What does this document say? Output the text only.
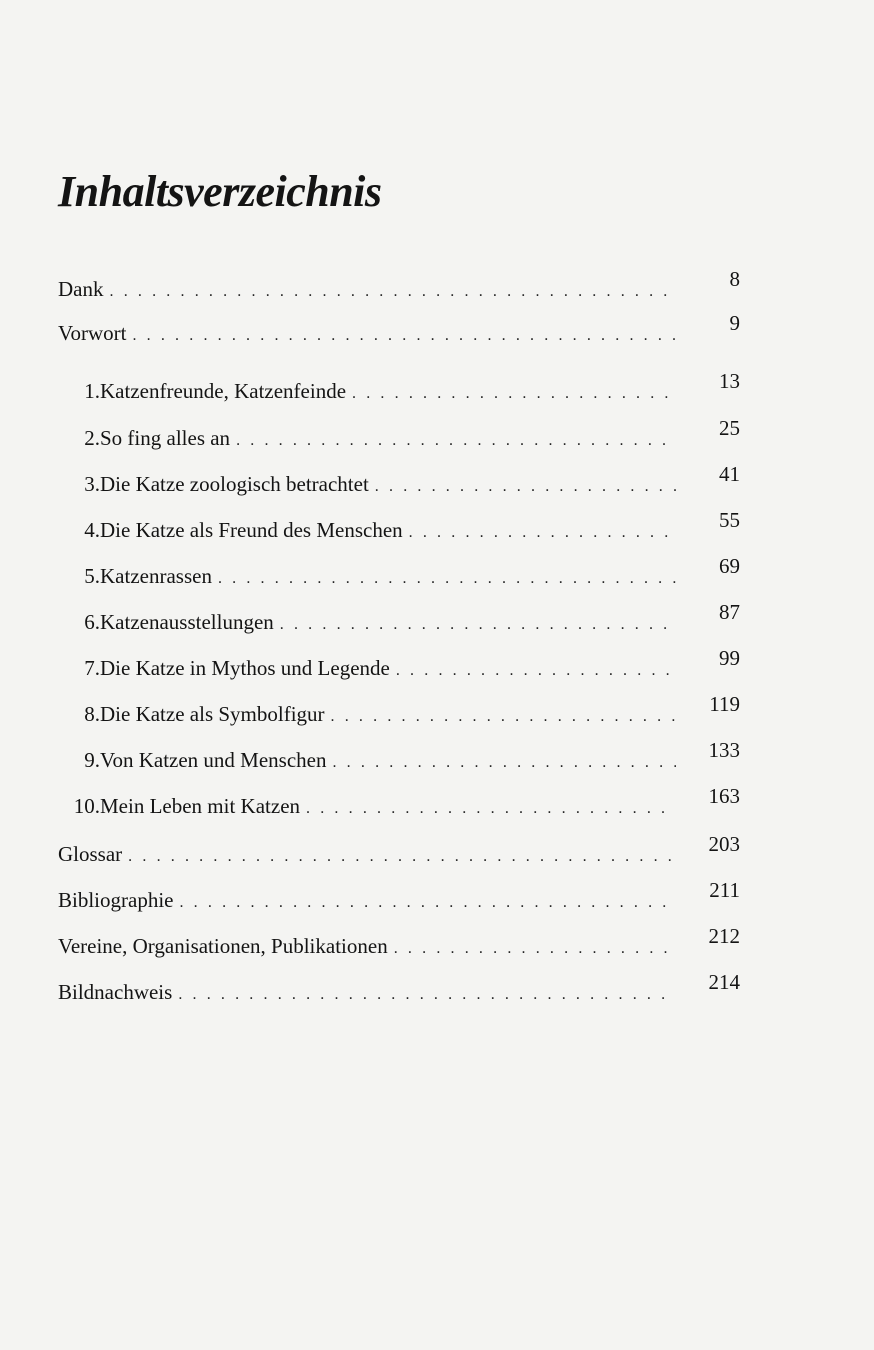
Inhaltsverzeichnis
Dank . . .	8
Vorwort . . .	9
1. Katzenfreunde, Katzenfeinde . . .	13
2. So fing alles an . . .	25
3. Die Katze zoologisch betrachtet . . .	41
4. Die Katze als Freund des Menschen . . .	55
5. Katzenrassen . . .	69
6. Katzenausstellungen . . .	87
7. Die Katze in Mythos und Legende . . .	99
8. Die Katze als Symbolfigur . . .	119
9. Von Katzen und Menschen . . .	133
10. Mein Leben mit Katzen . . .	163
Glossar . . .	203
Bibliographie . . .	211
Vereine, Organisationen, Publikationen . . .	212
Bildnachweis . . .	214
